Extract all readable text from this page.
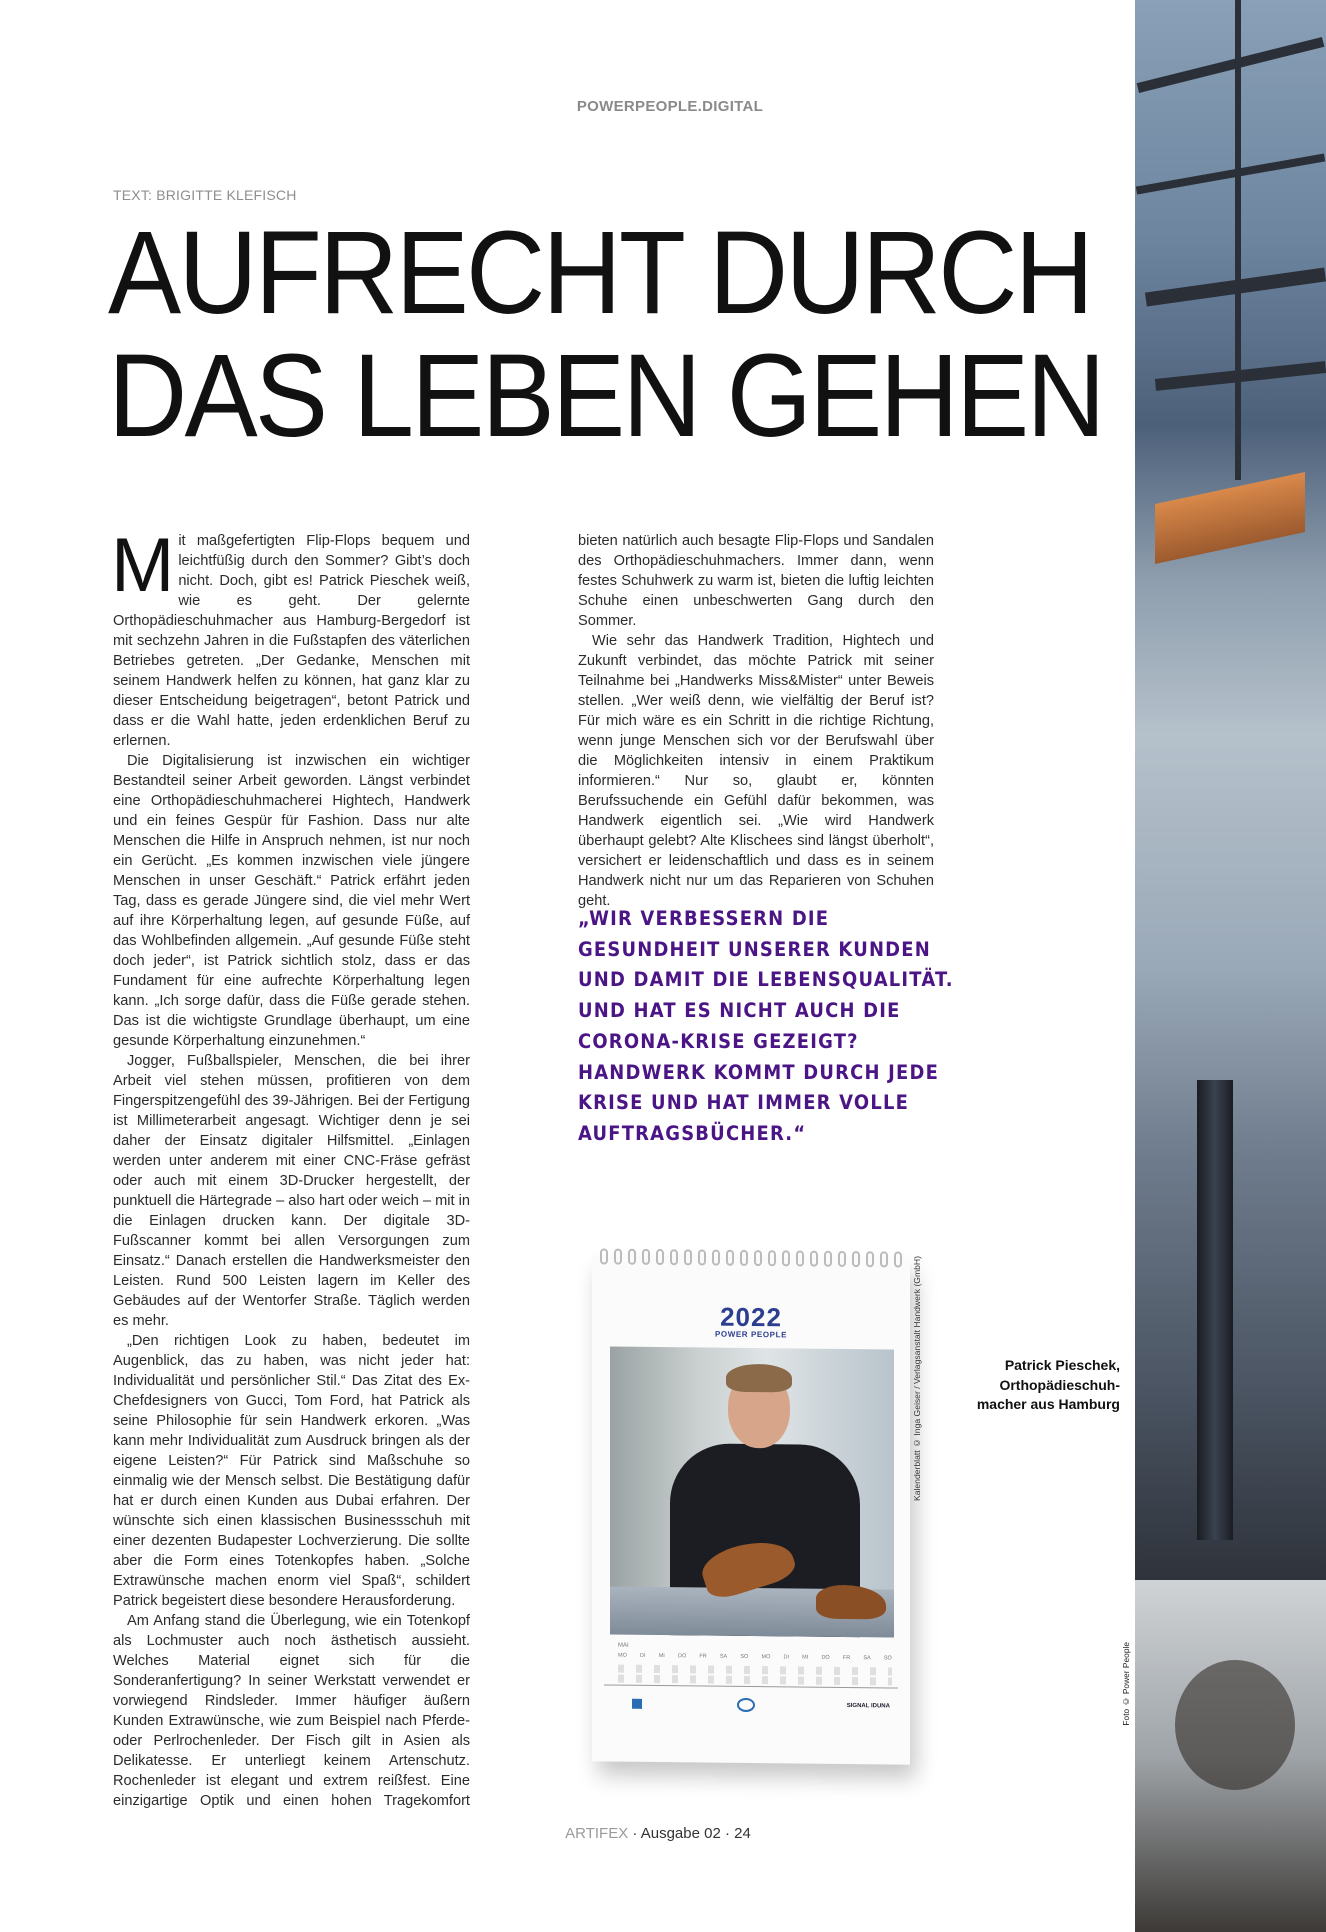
POWERPEOPLE.DIGITAL
TEXT: BRIGITTE KLEFISCH
AUFRECHT DURCH
DAS LEBEN GEHEN

Mit maßgefertigten Flip-Flops bequem und leichtfüßig durch den Sommer? Gibt’s doch nicht. Doch, gibt es! Patrick Pieschek weiß, wie es geht. Der gelernte Orthopädieschuhmacher aus Hamburg-Bergedorf ist mit sechzehn Jahren in die Fußstapfen des väterlichen Betriebes getreten. „Der Gedanke, Menschen mit seinem Handwerk helfen zu können, hat ganz klar zu dieser Entscheidung beigetragen“, betont Patrick und dass er die Wahl hatte, jeden erdenklichen Beruf zu erlernen.

Die Digitalisierung ist inzwischen ein wichtiger Bestandteil seiner Arbeit geworden. Längst verbindet eine Orthopädieschuhmacherei Hightech, Handwerk und ein feines Gespür für Fashion. Dass nur alte Menschen die Hilfe in Anspruch nehmen, ist nur noch ein Gerücht. „Es kommen inzwischen viele jüngere Menschen in unser Geschäft.“ Patrick erfährt jeden Tag, dass es gerade Jüngere sind, die viel mehr Wert auf ihre Körperhaltung legen, auf gesunde Füße, auf das Wohlbefinden allgemein. „Auf gesunde Füße steht doch jeder“, ist Patrick sichtlich stolz, dass er das Fundament für eine aufrechte Körperhaltung legen kann. „Ich sorge dafür, dass die Füße gerade stehen. Das ist die wichtigste Grundlage überhaupt, um eine gesunde Körperhaltung einzunehmen.“

Jogger, Fußballspieler, Menschen, die bei ihrer Arbeit viel stehen müssen, profitieren von dem Fingerspitzengefühl des 39-Jährigen. Bei der Fertigung ist Millimeterarbeit angesagt. Wichtiger denn je sei daher der Einsatz digitaler Hilfsmittel. „Einlagen werden unter anderem mit einer CNC-Fräse gefräst oder auch mit einem 3D-Drucker hergestellt, der punktuell die Härtegrade – also hart oder weich – mit in die Einlagen drucken kann. Der digitale 3D-Fußscanner kommt bei allen Versorgungen zum Einsatz.“ Danach erstellen die Handwerksmeister den Leisten. Rund 500 Leisten lagern im Keller des Gebäudes auf der Wentorfer Straße. Täglich werden es mehr.

„Den richtigen Look zu haben, bedeutet im Augenblick, das zu haben, was nicht jeder hat: Individualität und persönlicher Stil.“ Das Zitat des Ex-Chefdesigners von Gucci, Tom Ford, hat Patrick als seine Philosophie für sein Handwerk erkoren. „Was kann mehr Individualität zum Ausdruck bringen als der eigene Leisten?“ Für Patrick sind Maßschuhe so einmalig wie der Mensch selbst. Die Bestätigung dafür hat er durch einen Kunden aus Dubai erfahren. Der wünschte sich einen klassischen Businessschuh mit einer dezenten Budapester Lochverzierung. Die sollte aber die Form eines Totenkopfes haben. „Solche Extrawünsche machen enorm viel Spaß“, schildert Patrick begeistert diese besondere Herausforderung.

Am Anfang stand die Überlegung, wie ein Totenkopf als Lochmuster auch noch ästhetisch aussieht. Welches Material eignet sich für die Sonderanfertigung? In seiner Werkstatt verwendet er vorwiegend Rindsleder. Immer häufiger äußern Kunden Extrawünsche, wie zum Beispiel nach Pferde- oder Perlrochenleder. Der Fisch gilt in Asien als Delikatesse. Er unterliegt keinem Artenschutz. Rochenleder ist elegant und extrem reißfest. Eine einzigartige Optik und einen hohen Tragekomfort

bieten natürlich auch besagte Flip-Flops und Sandalen des Orthopädieschuhmachers. Immer dann, wenn festes Schuhwerk zu warm ist, bieten die luftig leichten Schuhe einen unbeschwerten Gang durch den Sommer.

Wie sehr das Handwerk Tradition, Hightech und Zukunft verbindet, das möchte Patrick mit seiner Teilnahme bei „Handwerks Miss&Mister“ unter Beweis stellen. „Wer weiß denn, wie vielfältig der Beruf ist? Für mich wäre es ein Schritt in die richtige Richtung, wenn junge Menschen sich vor der Berufswahl über die Möglichkeiten intensiv in einem Praktikum informieren.“ Nur so, glaubt er, könnten Berufssuchende ein Gefühl dafür bekommen, was Handwerk eigentlich sei. „Wie wird Handwerk überhaupt gelebt? Alte Klischees sind längst überholt“, versichert er leidenschaftlich und dass es in seinem Handwerk nicht nur um das Reparieren von Schuhen geht.

„WIR VERBESSERN DIE
GESUNDHEIT UNSERER KUNDEN
UND DAMIT DIE LEBENSQUALITÄT.
UND HAT ES NICHT AUCH DIE
CORONA-KRISE GEZEIGT?
HANDWERK KOMMT DURCH JEDE
KRISE UND HAT IMMER VOLLE
AUFTRAGSBÜCHER.“
2022
POWER PEOPLE
MAI
MO DI MI DO FR SA SO MO DI MI DO FR SA SO
SIGNAL IDUNA
Kalenderblatt © Inga Geiser / Verlagsanstalt Handwerk (GmbH)	Patrick Pieschek,
Orthopädieschuh-
macher aus Hamburg
Foto © Power People
ARTIFEX · Ausgabe 02 · 24
